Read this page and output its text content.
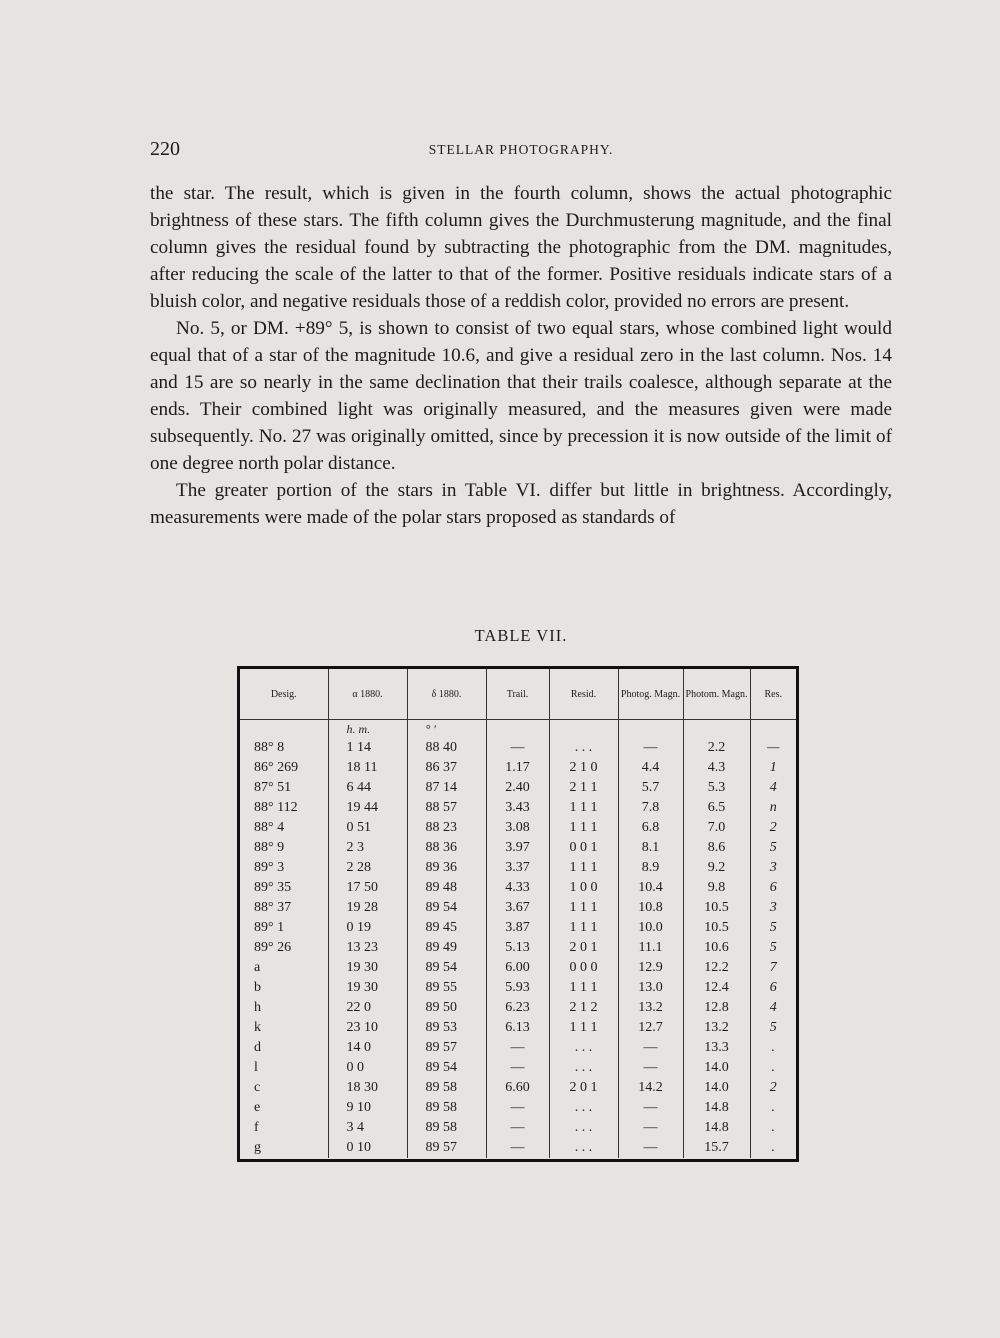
220	STELLAR PHOTOGRAPHY.

the star. The result, which is given in the fourth column, shows the actual photographic brightness of these stars. The fifth column gives the Durchmusterung magnitude, and the final column gives the residual found by subtracting the photographic from the DM. magnitudes, after reducing the scale of the latter to that of the former. Positive residuals indicate stars of a bluish color, and negative residuals those of a reddish color, provided no errors are present.

No. 5, or DM. +89° 5, is shown to consist of two equal stars, whose combined light would equal that of a star of the magnitude 10.6, and give a residual zero in the last column. Nos. 14 and 15 are so nearly in the same declination that their trails coalesce, although separate at the ends. Their combined light was originally measured, and the measures given were made subsequently. No. 27 was originally omitted, since by precession it is now outside of the limit of one degree north polar distance.

The greater portion of the stars in Table VI. differ but little in brightness. Accordingly, measurements were made of the polar stars proposed as standards of

TABLE VII.
Desig.	α 1880.	δ 1880.	Trail.	Resid.	Photog. Magn.	Photom. Magn.	Res.
	h. m.	° ′					
88° 8	1 14	88 40	—	. . .	—	2.2	—
86° 269	18 11	86 37	1.17	2 1 0	4.4	4.3	1
87° 51	6 44	87 14	2.40	2 1 1	5.7	5.3	4
88° 112	19 44	88 57	3.43	1 1 1	7.8	6.5	n
88° 4	0 51	88 23	3.08	1 1 1	6.8	7.0	2
88° 9	2 3	88 36	3.97	0 0 1	8.1	8.6	5
89° 3	2 28	89 36	3.37	1 1 1	8.9	9.2	3
89° 35	17 50	89 48	4.33	1 0 0	10.4	9.8	6
88° 37	19 28	89 54	3.67	1 1 1	10.8	10.5	3
89° 1	0 19	89 45	3.87	1 1 1	10.0	10.5	5
89° 26	13 23	89 49	5.13	2 0 1	11.1	10.6	5
a	19 30	89 54	6.00	0 0 0	12.9	12.2	7
b	19 30	89 55	5.93	1 1 1	13.0	12.4	6
h	22 0	89 50	6.23	2 1 2	13.2	12.8	4
k	23 10	89 53	6.13	1 1 1	12.7	13.2	5
d	14 0	89 57	—	. . .	—	13.3	.
l	0 0	89 54	—	. . .	—	14.0	.
c	18 30	89 58	6.60	2 0 1	14.2	14.0	2
e	9 10	89 58	—	. . .	—	14.8	.
f	3 4	89 58	—	. . .	—	14.8	.
g	0 10	89 57	—	. . .	—	15.7	.
